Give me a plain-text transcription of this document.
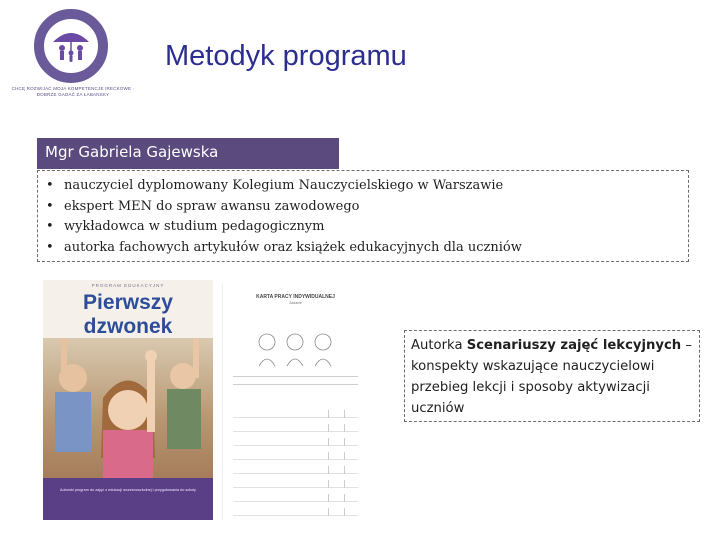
CHCĘ ROZWIJAĆ MOJA KOMPETENCJE IRECKOWE · DOBRZE GADAĆ ZA ŁABANSKY
Metodyk programu
Mgr Gabriela Gajewska
• nauczyciel dyplomowany Kolegium Nauczycielskiego w Warszawie
• ekspert MEN do spraw awansu zawodowego
• wykładowca w studium pedagogicznym
• autorka fachowych artykułów oraz książek edukacyjnych dla uczniów
PROGRAM EDUKACYJNY
Pierwszy dzwonek
Autorski program do zajęć z edukacji wczesnoszkolnej i przygotowania do szkoły
KARTA PRACY INDYWIDUALNEJ
Zadanie
Autorka Scenariuszy zajęć lekcyjnych – konspekty wskazujące nauczycielowi przebieg lekcji i sposoby aktywizacji uczniów
